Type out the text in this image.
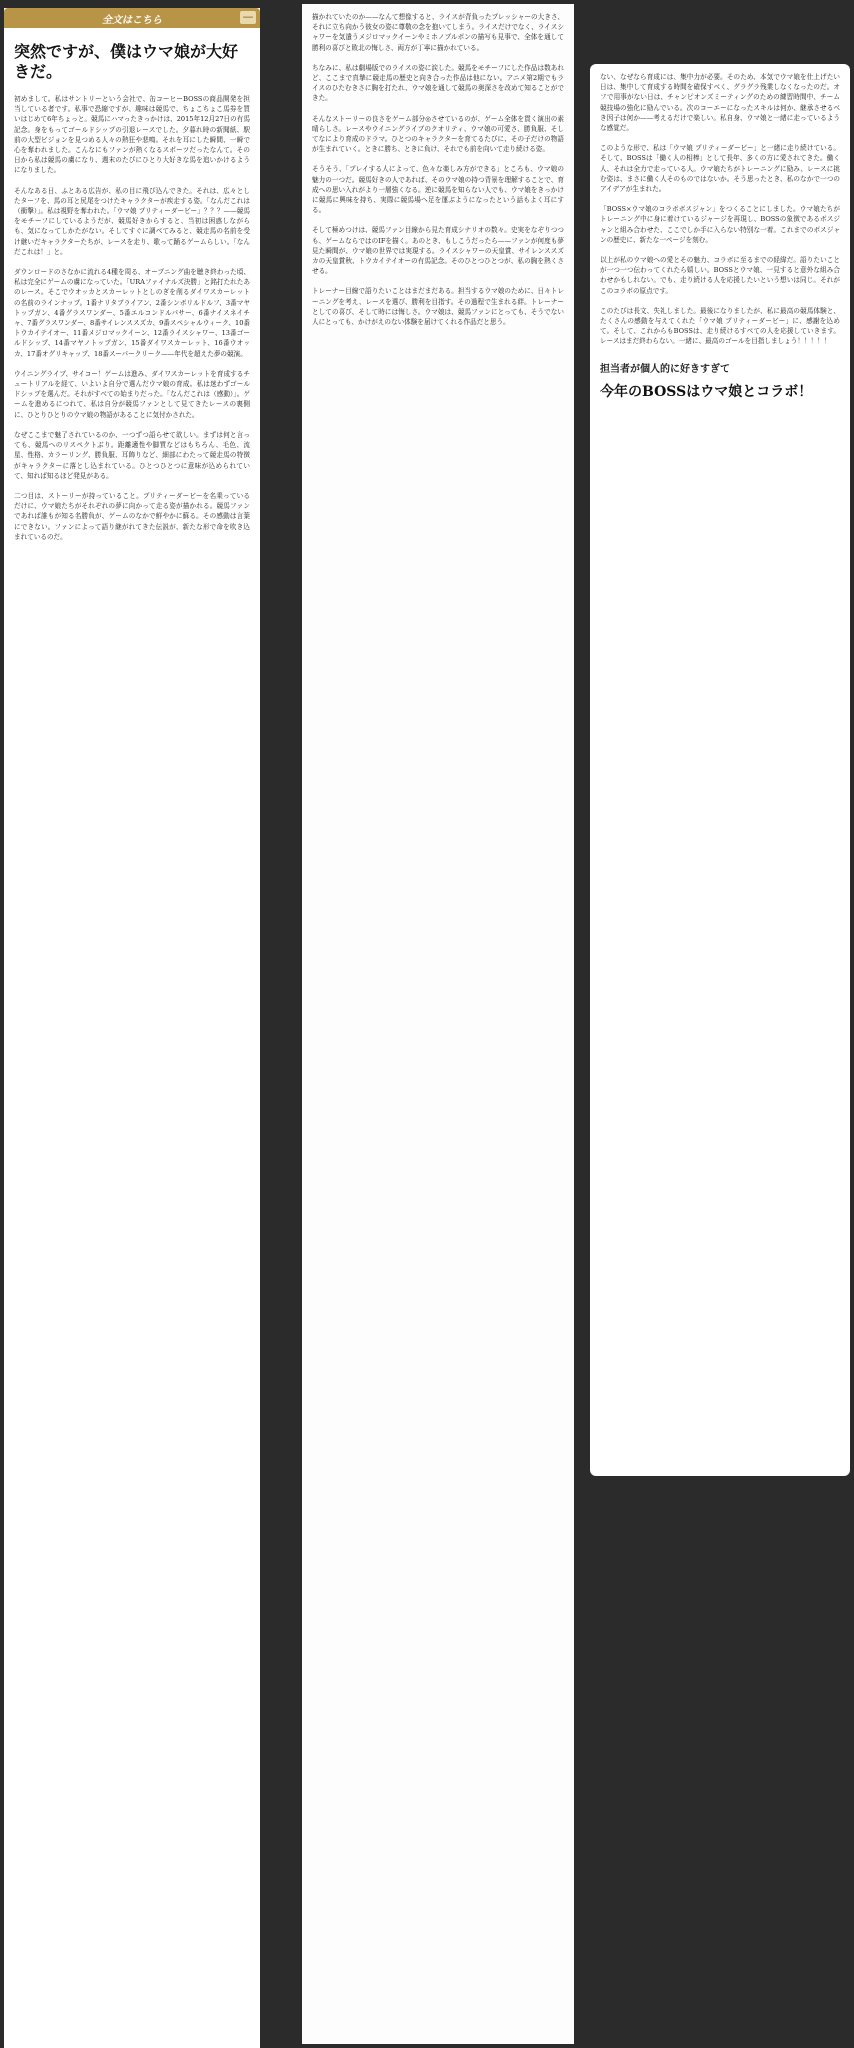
全文はこちら	—
突然ですが、僕はウマ娘が大好きだ。

初めまして。私はサントリーという会社で、缶コーヒーBOSSの商品開発を担当している者です。私事で恐縮ですが、趣味は競馬で、ちょこちょこ馬券を買いはじめて6年ちょっと。競馬にハマったきっかけは、2015年12月27日の有馬記念。身をもってゴールドシップの引退レースでした。夕暮れ時の新聞紙、駅前の大型ビジョンを見つめる人々の熱狂や悲鳴。それを耳にした瞬間、一瞬で心を奪われました。こんなにもファンが熱くなるスポーツだったなんて。その日から私は競馬の虜になり、週末のたびにひとり大好きな馬を追いかけるようになりました。

そんなある日、ふとある広告が、私の目に飛び込んできた。それは、広々としたターフを、馬の耳と尻尾をつけたキャラクターが疾走する姿。「なんだこれは（衝撃）」。私は視野を奪われた。「ウマ娘 プリティーダービー」？？？——競馬をモチーフにしているようだが、競馬好きからすると、当初は困惑しながらも、気になってしかたがない。そしてすぐに調べてみると、競走馬の名前を受け継いだキャラクターたちが、レースを走り、歌って踊るゲームらしい。「なんだこれは！」と。

ダウンロードのさなかに流れる4種を周る、オープニング曲を聴き終わった頃、私は完全にゲームの虜になっていた。「URAファイナルズ決勝」と銘打たれたあのレース。そこでウオッカとスカーレットとしのぎを削るダイワスカーレットの名前のラインナップ。1番ナリタブライアン、2番シンボリルドルフ、3番マヤトップガン、4番グラスワンダー、5番エルコンドルパサー、6番ナイスネイチャ、7番グラスワンダー、8番サイレンススズカ、9番スペシャルウィーク、10番トウカイテイオー、11番メジロマックイーン、12番ライスシャワー、13番ゴールドシップ、14番マヤノトップガン、15番ダイワスカーレット、16番ウオッカ、17番オグリキャップ、18番スーパークリーク——年代を超えた夢の競演。

ウイニングライブ、サイコー！ゲームは進み、ダイワスカーレットを育成するチュートリアルを経て、いよいよ自分で選んだウマ娘の育成。私は迷わずゴールドシップを選んだ。それがすべての始まりだった。「なんだこれは（感動）」。ゲームを進めるにつれて、私は自分が競馬ファンとして見てきたレースの裏側に、ひとりひとりのウマ娘の物語があることに気付かされた。

なぜここまで魅了されているのか、一つずつ語らせて欲しい。まずは何と言っても、競馬へのリスペクトぶり。距離適性や脚質などはもちろん、毛色、流星、性格、カラーリング、勝負服、耳飾りなど、細部にわたって競走馬の特徴がキャラクターに落とし込まれている。ひとつひとつに意味が込められていて、知れば知るほど発見がある。

二つ目は、ストーリーが持っていること。プリティーダービーを名乗っているだけに、ウマ娘たちがそれぞれの夢に向かって走る姿が描かれる。競馬ファンであれば誰もが知る名勝負が、ゲームのなかで鮮やかに蘇る。その感動は言葉にできない。ファンによって語り継がれてきた伝説が、新たな形で命を吹き込まれているのだ。

描かれていたのか——なんて想像すると、ライスが背負ったプレッシャーの大きさ、それに立ち向かう彼女の姿に尊敬の念を抱いてしまう。ライスだけでなく、ライスシャワーを気遣うメジロマックイーンやミホノブルボンの描写も見事で、全体を通して勝利の喜びと敗北の悔しさ、両方が丁寧に描かれている。

ちなみに、私は劇場版でのライスの姿に涙した。競馬をモチーフにした作品は数あれど、ここまで真摯に競走馬の歴史と向き合った作品は他にない。アニメ第2期でもライスのひたむきさに胸を打たれ、ウマ娘を通して競馬の奥深さを改めて知ることができた。

そんなストーリーの良さをゲーム部分◎させているのが、ゲーム全体を貫く演出の素晴らしさ。レースやウイニングライブのクオリティ、ウマ娘の可愛さ、勝負服、そしてなにより育成のドラマ。ひとつのキャラクターを育てるたびに、その子だけの物語が生まれていく。ときに勝ち、ときに負け、それでも前を向いて走り続ける姿。

そうそう、「プレイする人によって、色々な楽しみ方ができる」ところも、ウマ娘の魅力の一つだ。競馬好きの人であれば、そのウマ娘の持つ背景を理解することで、育成への思い入れがより一層強くなる。逆に競馬を知らない人でも、ウマ娘をきっかけに競馬に興味を持ち、実際に競馬場へ足を運ぶようになったという話もよく耳にする。

そして極めつけは、競馬ファン目線から見た育成シナリオの数々。史実をなぞりつつも、ゲームならではのIFを描く。あのとき、もしこうだったら——ファンが何度も夢見た瞬間が、ウマ娘の世界では実現する。ライスシャワーの天皇賞、サイレンススズカの天皇賞秋、トウカイテイオーの有馬記念。そのひとつひとつが、私の胸を熱くさせる。

トレーナー目線で語りたいことはまだまだある。担当するウマ娘のために、日々トレーニングを考え、レースを選び、勝利を目指す。その過程で生まれる絆。トレーナーとしての喜び、そして時には悔しさ。ウマ娘は、競馬ファンにとっても、そうでない人にとっても、かけがえのない体験を届けてくれる作品だと思う。

ない、なぜなら育成には、集中力が必要。そのため、本気でウマ娘を仕上げたい日は、集中して育成する時間を確保すべく、グラグラ残業しなくなったのだ。オフで用事がない日は、チャンピオンズミーティングのための練習時間中、チーム競技場の強化に励んでいる。次のコーエーになったスキルは何か、継承させるべき因子は何か——考えるだけで楽しい。私自身、ウマ娘と一緒に走っているような感覚だ。

このような形で、私は「ウマ娘 プリティーダービー」と一緒に走り続けている。そして、BOSSは「働く人の相棒」として長年、多くの方に愛されてきた。働く人、それは全力で走っている人。ウマ娘たちがトレーニングに励み、レースに挑む姿は、まさに働く人そのものではないか。そう思ったとき、私のなかで一つのアイデアが生まれた。

「BOSS×ウマ娘のコラボボスジャン」をつくることにしました。ウマ娘たちがトレーニング中に身に着けているジャージを再現し、BOSSの象徴であるボスジャンと組み合わせた、ここでしか手に入らない特別な一着。これまでのボスジャンの歴史に、新たな一ページを刻む。

以上が私のウマ娘への愛とその魅力、コラボに至るまでの経緯だ。語りたいことが一つ一つ伝わってくれたら嬉しい。BOSSとウマ娘、一見すると意外な組み合わせかもしれない。でも、走り続ける人を応援したいという想いは同じ。それがこのコラボの原点です。

このたびは長文、失礼しました。最後になりましたが、私に最高の競馬体験と、たくさんの感動を与えてくれた「ウマ娘 プリティーダービー」に、感謝を込めて。そして、これからもBOSSは、走り続けるすべての人を応援していきます。レースはまだ終わらない。一緒に、最高のゴールを目指しましょう！！！！！

担当者が個人的に好きすぎて
今年のBOSSはウマ娘とコラボ！
